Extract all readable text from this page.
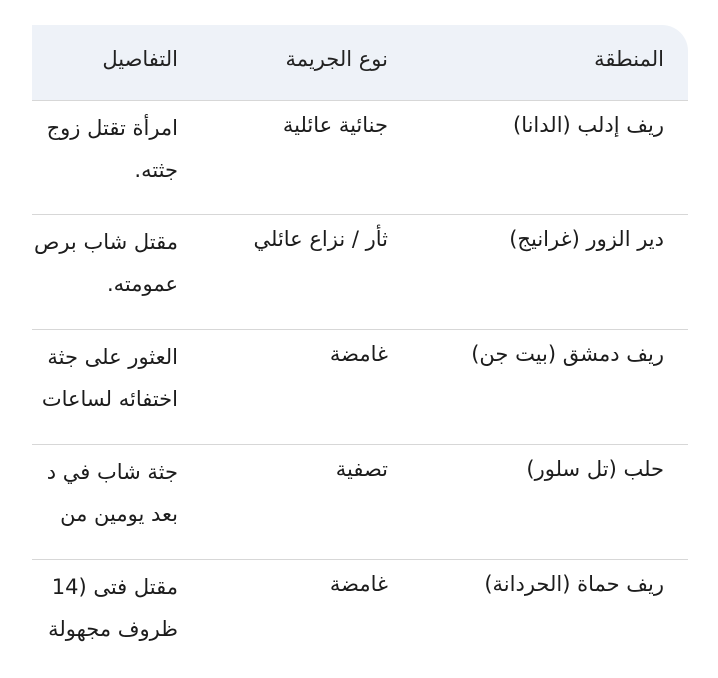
المنطقة
نوع الجريمة
التفاصيل
ريف إدلب (الدانا)
جنائية عائلية
امرأة تقتل زوج
جثته.
دير الزور (غرانيج)
ثأر / نزاع عائلي
مقتل شاب برص
عمومته.
ريف دمشق (بيت جن)
غامضة
العثور على جثة
اختفائه لساعات
حلب (تل سلور)
تصفية
جثة شاب في د
بعد يومين من
ريف حماة (الحردانة)
غامضة
مقتل فتى (14
ظروف مجهولة
